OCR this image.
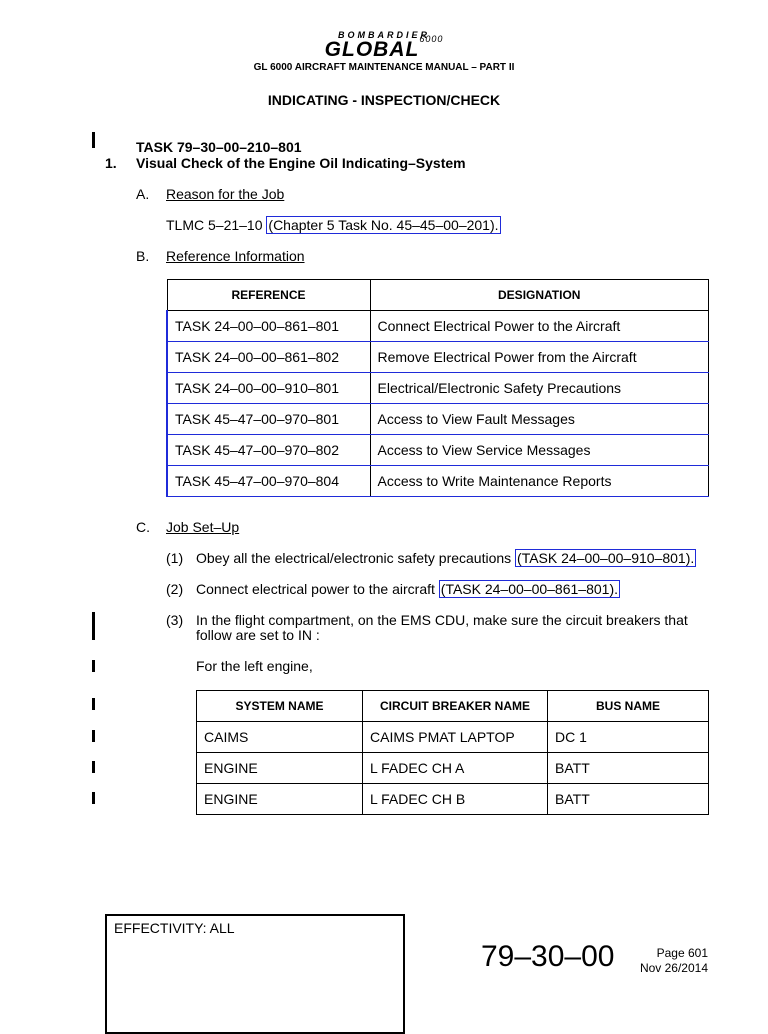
BOMBARDIER
$GLOBAL^{6000}$
GL 6000 AIRCRAFT MAINTENANCE MANUAL – PART II
INDICATING - INSPECTION/CHECK
TASK 79–30–00–210–801
1. Visual Check of the Engine Oil Indicating–System
A. Reason for the Job
TLMC 5–21–10 (Chapter 5 Task No. 45–45–00–201).
B. Reference Information
REFERENCE	DESIGNATION
TASK 24–00–00–861–801	Connect Electrical Power to the Aircraft
TASK 24–00–00–861–802	Remove Electrical Power from the Aircraft
TASK 24–00–00–910–801	Electrical/Electronic Safety Precautions
TASK 45–47–00–970–801	Access to View Fault Messages
TASK 45–47–00–970–802	Access to View Service Messages
TASK 45–47–00–970–804	Access to Write Maintenance Reports
C. Job Set–Up
(1) Obey all the electrical/electronic safety precautions (TASK 24–00–00–910–801).
(2) Connect electrical power to the aircraft (TASK 24–00–00–861–801).
(3) In the flight compartment, on the EMS CDU, make sure the circuit breakers that
follow are set to IN :
For the left engine,
SYSTEM NAME	CIRCUIT BREAKER NAME	BUS NAME
CAIMS	CAIMS PMAT LAPTOP	DC 1
ENGINE	L FADEC CH A	BATT
ENGINE	L FADEC CH B	BATT
EFFECTIVITY: ALL
79–30–00	Page 601
Nov 26/2014
